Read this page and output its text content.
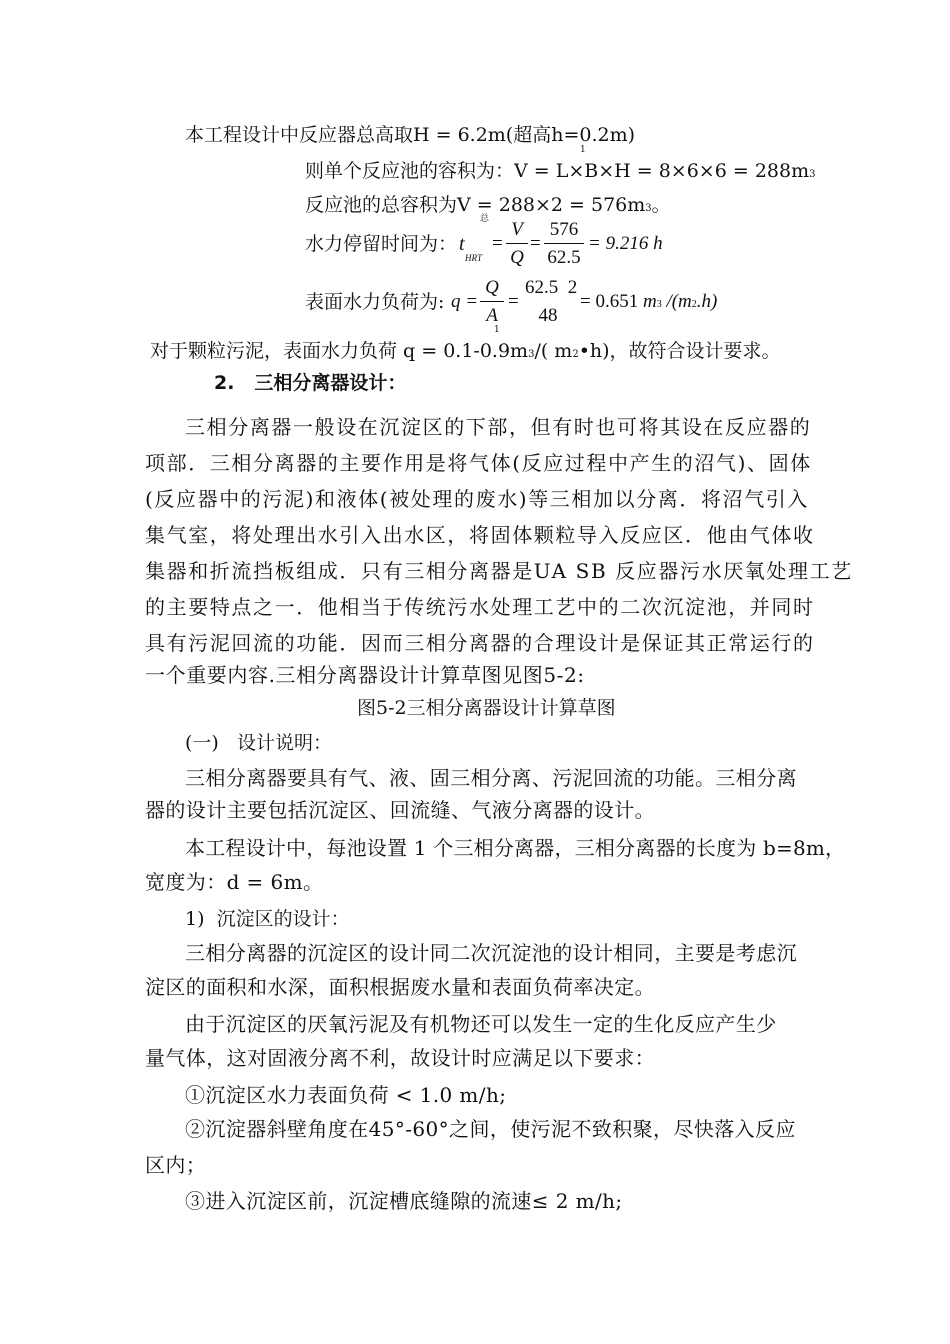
本工程设计中反应器总高取H = 6.2m(超高h=0.2m)
1
则单个反应池的容积为：V = L×B×H = 8×6×6 = 288m3
反应池的总容积为V = 288×2 = 576m3。
总
水力停留时间为： t
HRT
=
V
Q
=
576
62.5
= 9.216 h
表面水力负荷为: q =
Q
A
1
=
62.5  2
48
= 0.651 m3 /(m2.h)
对于颗粒污泥，表面水力负荷 q = 0.1-0.9m3/( m2•h)，故符合设计要求。
2. 三相分离器设计：
三相分离器一般设在沉淀区的下部，但有时也可将其设在反应器的
项部．三相分离器的主要作用是将气体(反应过程中产生的沼气)、固体
(反应器中的污泥)和液体(被处理的废水)等三相加以分离．将沼气引入
集气室，将处理出水引入出水区，将固体颗粒导入反应区．他由气体收
集器和折流挡板组成．只有三相分离器是UA SB 反应器污水厌氧处理工艺
的主要特点之一．他相当于传统污水处理工艺中的二次沉淀池，并同时
具有污泥回流的功能．因而三相分离器的合理设计是保证其正常运行的
一个重要内容.三相分离器设计计算草图见图5-2:
图5-2三相分离器设计计算草图
(一)   设计说明：
三相分离器要具有气、液、固三相分离、污泥回流的功能。三相分离
器的设计主要包括沉淀区、回流缝、气液分离器的设计。
本工程设计中，每池设置 1 个三相分离器，三相分离器的长度为 b=8m，
宽度为：d = 6m。
1)  沉淀区的设计：
三相分离器的沉淀区的设计同二次沉淀池的设计相同，主要是考虑沉
淀区的面积和水深，面积根据废水量和表面负荷率决定。
由于沉淀区的厌氧污泥及有机物还可以发生一定的生化反应产生少
量气体，这对固液分离不利，故设计时应满足以下要求：
①沉淀区水力表面负荷 < 1.0 m/h;
②沉淀器斜壁角度在45°-60°之间，使污泥不致积聚，尽快落入反应
区内；
③进入沉淀区前，沉淀槽底缝隙的流速≤ 2 m/h;
